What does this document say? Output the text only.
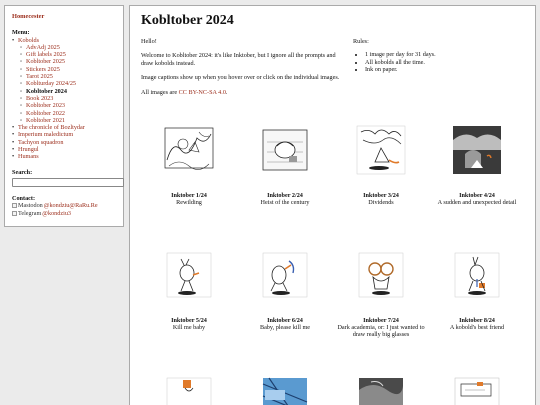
Homecester
Menu:
• Kobolds
◦ AdvAdj 2025
◦ Gift labels 2025
◦ Kobltober 2025
◦ Stickers 2025
◦ Tarot 2025
◦ Koblturday 2024/25
◦ Kobltober 2024
◦ Book 2023
◦ Kobltober 2023
◦ Kobltober 2022
◦ Kobltober 2021
• The chronicle of Bozltydar
• Imperium maledictum
• Tachyon squadron
• Hrungul
• Humans
Search:
Contact:
Mastodon @kondziu@RaRu.Re
Telegram @kondziu3
Kobltober 2024

Hello!

Welcome to Kobltober 2024: it's like Inktober, but I ignore all the prompts and draw kobolds instead.

Image captions show up when you hover over or click on the individual images.

All images are CC BY-NC-SA 4.0.

Rules:
• 1 image per day for 31 days.
• All kobolds all the time.
• Ink on paper.
Inktober 1/24
Rewilding
Inktober 2/24
Heist of the century
Inktober 3/24
Dividends
Inktober 4/24
A sudden and unexpected detail
Inktober 5/24
Kill me baby
Inktober 6/24
Baby, please kill me
Inktober 7/24
Dark academia, or: I just wanted to draw really big glasses
Inktober 8/24
A kobold's best friend
